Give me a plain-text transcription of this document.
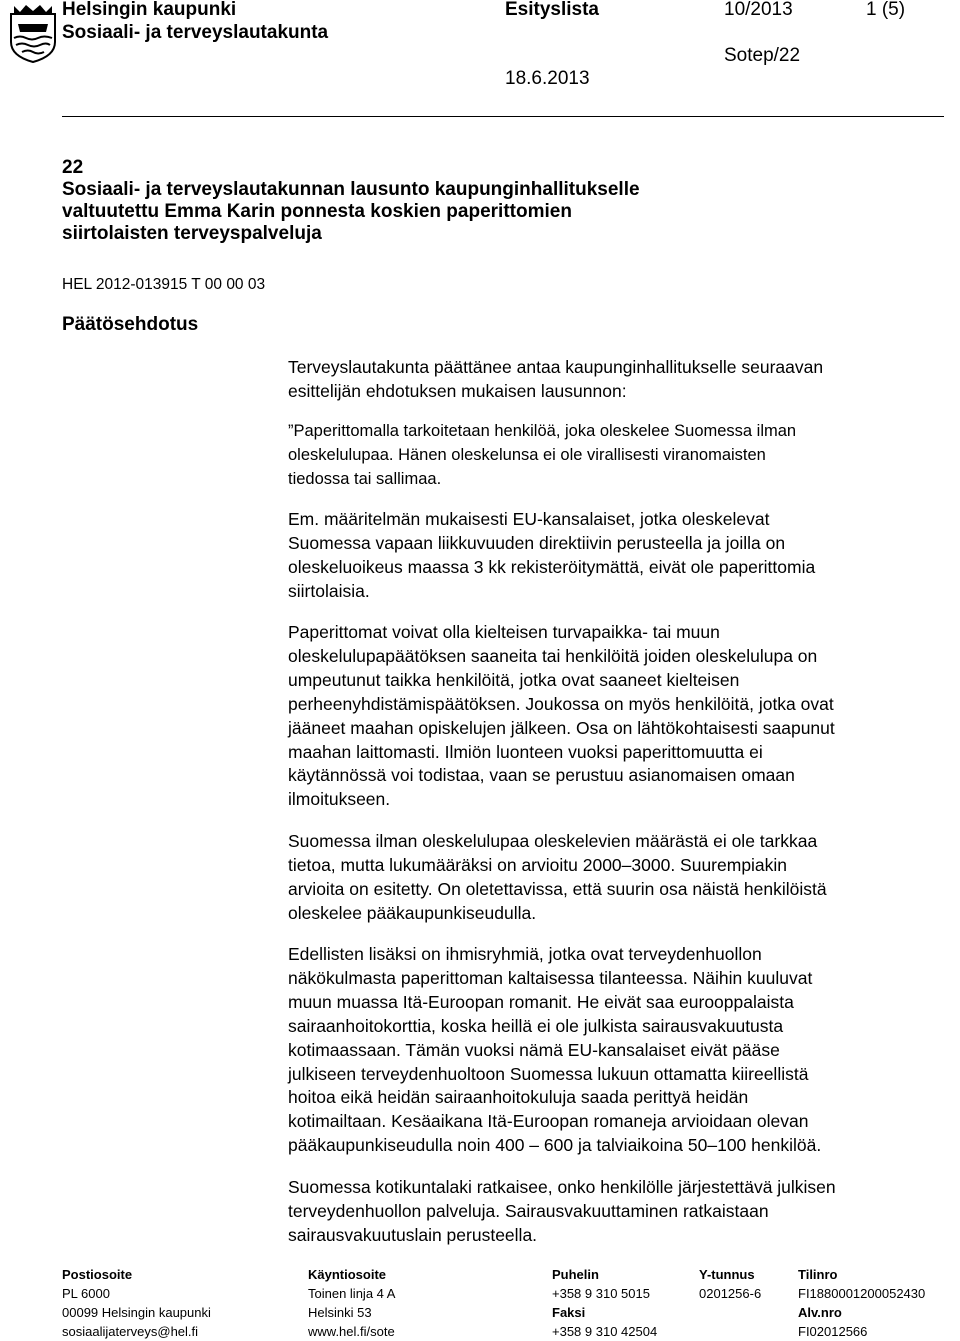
Helsingin kaupunki
Sosiaali- ja terveyslautakunta
Esityslista	10/2013	1 (5)
Sotep/22
18.6.2013
22
Sosiaali- ja terveyslautakunnan lausunto kaupunginhallitukselle
valtuutettu Emma Karin ponnesta koskien paperittomien
siirtolaisten terveyspalveluja
HEL 2012-013915 T 00 00 03
Päätösehdotus
Terveyslautakunta päättänee antaa kaupunginhallitukselle seuraavan
esittelijän ehdotuksen mukaisen lausunnon:
”Paperittomalla tarkoitetaan henkilöä, joka oleskelee Suomessa ilman
oleskelulupaa. Hänen oleskelunsa ei ole virallisesti viranomaisten
tiedossa tai sallimaa.
Em. määritelmän mukaisesti EU-kansalaiset, jotka oleskelevat
Suomessa vapaan liikkuvuuden direktiivin perusteella ja joilla on
oleskeluoikeus maassa 3 kk rekisteröitymättä, eivät ole paperittomia
siirtolaisia.
Paperittomat voivat olla kielteisen turvapaikka- tai muun
oleskelulupapäätöksen saaneita tai henkilöitä joiden oleskelulupa on
umpeutunut taikka henkilöitä, jotka ovat saaneet kielteisen
perheenyhdistämispäätöksen. Joukossa on myös henkilöitä, jotka ovat
jääneet maahan opiskelujen jälkeen. Osa on lähtökohtaisesti saapunut
maahan laittomasti. Ilmiön luonteen vuoksi paperittomuutta ei
käytännössä voi todistaa, vaan se perustuu asianomaisen omaan
ilmoitukseen.
Suomessa ilman oleskelulupaa oleskelevien määrästä ei ole tarkkaa
tietoa, mutta lukumääräksi on arvioitu 2000–3000. Suurempiakin
arvioita on esitetty. On oletettavissa, että suurin osa näistä henkilöistä
oleskelee pääkaupunkiseudulla.
Edellisten lisäksi on ihmisryhmiä, jotka ovat terveydenhuollon
näkökulmasta paperittoman kaltaisessa tilanteessa. Näihin kuuluvat
muun muassa Itä-Euroopan romanit. He eivät saa eurooppalaista
sairaanhoitokorttia, koska heillä ei ole julkista sairausvakuutusta
kotimaassaan. Tämän vuoksi nämä EU-kansalaiset eivät pääse
julkiseen terveydenhuoltoon Suomessa lukuun ottamatta kiireellistä
hoitoa eikä heidän sairaanhoitokuluja saada perittyä heidän
kotimailtaan. Kesäaikana Itä-Euroopan romaneja arvioidaan olevan
pääkaupunkiseudulla noin 400 – 600 ja talviaikoina 50–100 henkilöä.
Suomessa kotikuntalaki ratkaisee, onko henkilölle järjestettävä julkisen
terveydenhuollon palveluja. Sairausvakuuttaminen ratkaistaan
sairausvakuutuslain perusteella.
Postiosoite
PL 6000
00099 Helsingin kaupunki
sosiaalijaterveys@hel.fi
Käyntiosoite
Toinen linja 4 A
Helsinki 53
www.hel.fi/sote
Puhelin
+358 9 310 5015
Faksi
+358 9 310 42504
Y-tunnus
0201256-6
Tilinro
FI1880001200052430
Alv.nro
FI02012566
